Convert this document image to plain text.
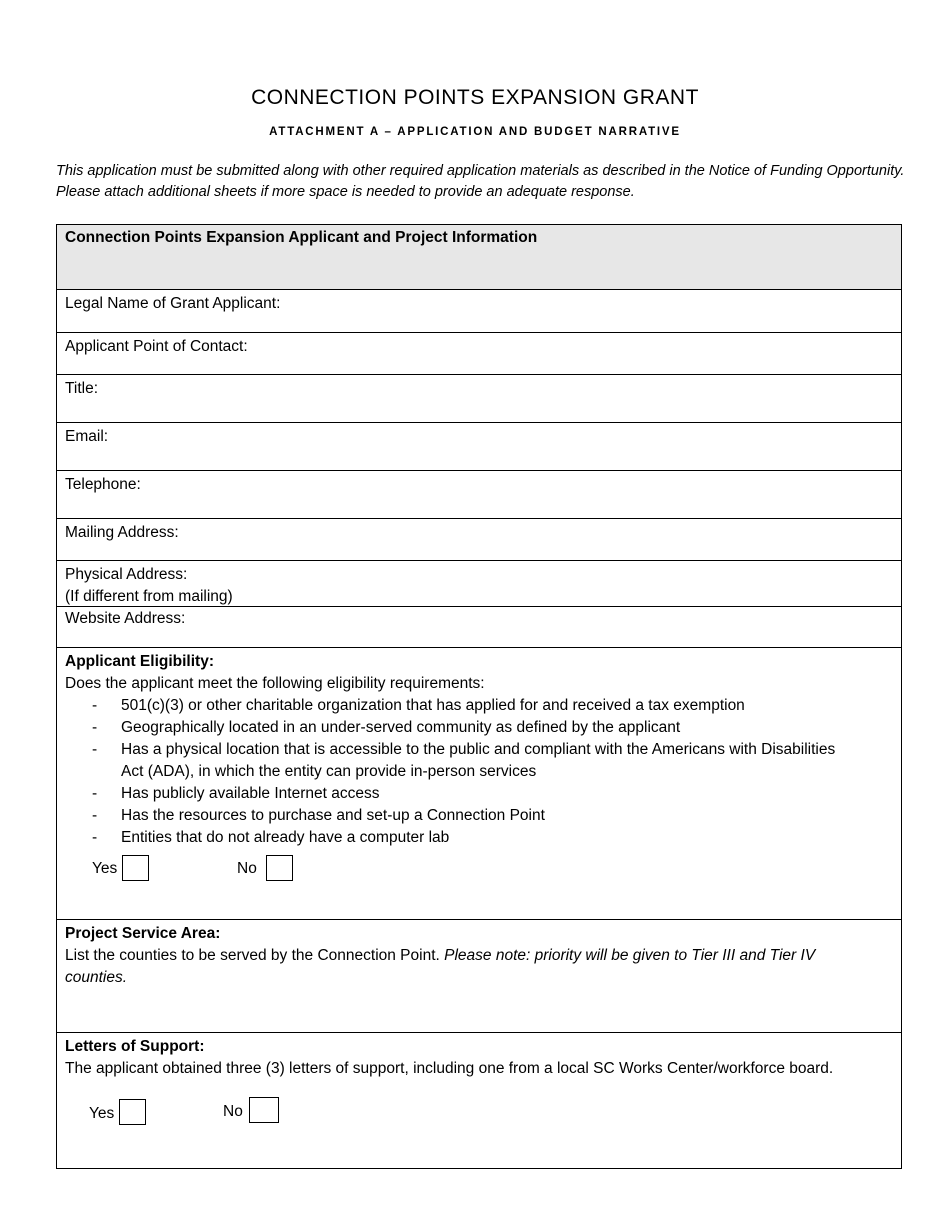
CONNECTION POINTS EXPANSION GRANT
ATTACHMENT A – APPLICATION AND BUDGET NARRATIVE
This application must be submitted along with other required application materials as described in the Notice of Funding Opportunity. Please attach additional sheets if more space is needed to provide an adequate response.
Connection Points Expansion Applicant and Project Information
Legal Name of Grant Applicant:
Applicant Point of Contact:
Title:
Email:
Telephone:
Mailing Address:
Physical Address:
(If different from mailing)
Website Address:
Applicant Eligibility:
Does the applicant meet the following eligibility requirements:
- 501(c)(3) or other charitable organization that has applied for and received a tax exemption
- Geographically located in an under-served community as defined by the applicant
- Has a physical location that is accessible to the public and compliant with the Americans with Disabilities Act (ADA), in which the entity can provide in-person services
- Has publicly available Internet access
- Has the resources to purchase and set-up a Connection Point
- Entities that do not already have a computer lab
Yes	No
Project Service Area:
List the counties to be served by the Connection Point. Please note: priority will be given to Tier III and Tier IV counties.
Letters of Support:
The applicant obtained three (3) letters of support, including one from a local SC Works Center/workforce board.
Yes	No
